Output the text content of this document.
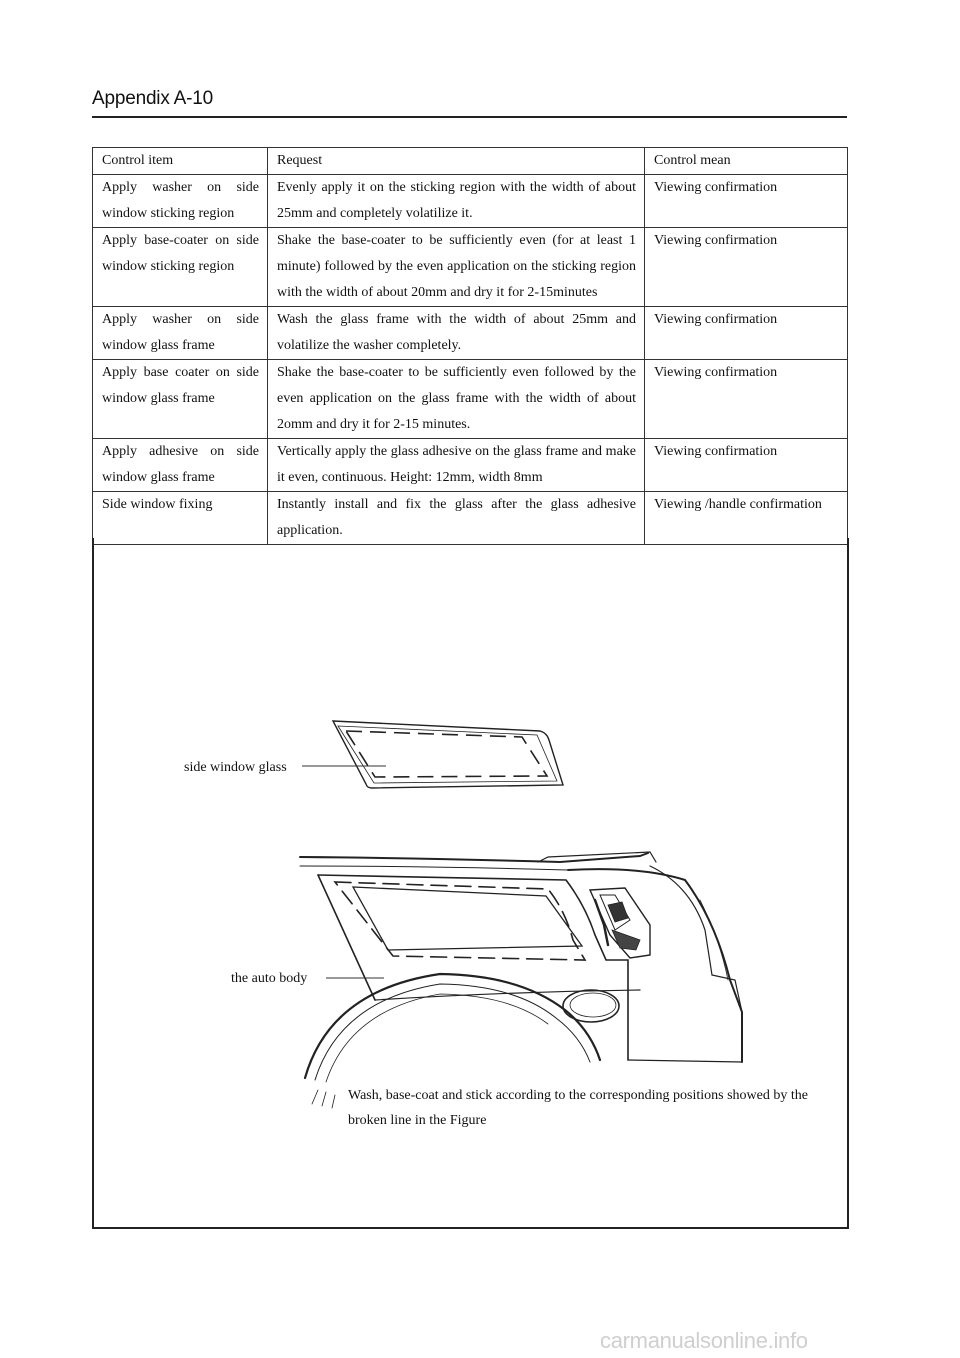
Appendix A-10
Control item	Request	Control mean
Apply washer on side window sticking region	Evenly apply it on the sticking region with the width of about 25mm and completely volatilize it.	Viewing confirmation
Apply base-coater on side window sticking region	Shake the base-coater to be sufficiently even (for at least 1 minute) followed by the even application on the sticking region with the width of about 20mm and dry it for 2-15minutes	Viewing confirmation
Apply washer on side window glass frame	Wash the glass frame with the width of about 25mm and volatilize the washer completely.	Viewing confirmation
Apply base coater on side window glass frame	Shake the base-coater to be sufficiently even followed by the even application on the glass frame with the width of about 2omm and dry it for 2-15 minutes.	Viewing confirmation
Apply adhesive on side window glass frame	Vertically apply the glass adhesive on the glass frame and make it even, continuous. Height: 12mm, width 8mm	Viewing confirmation
Side window fixing	Instantly install and fix the glass after the glass adhesive application.	Viewing /handle confirmation
side window glass
the auto body
Wash, base-coat and stick according to the corresponding positions showed by the broken line in the Figure
carmanualsonline.info
